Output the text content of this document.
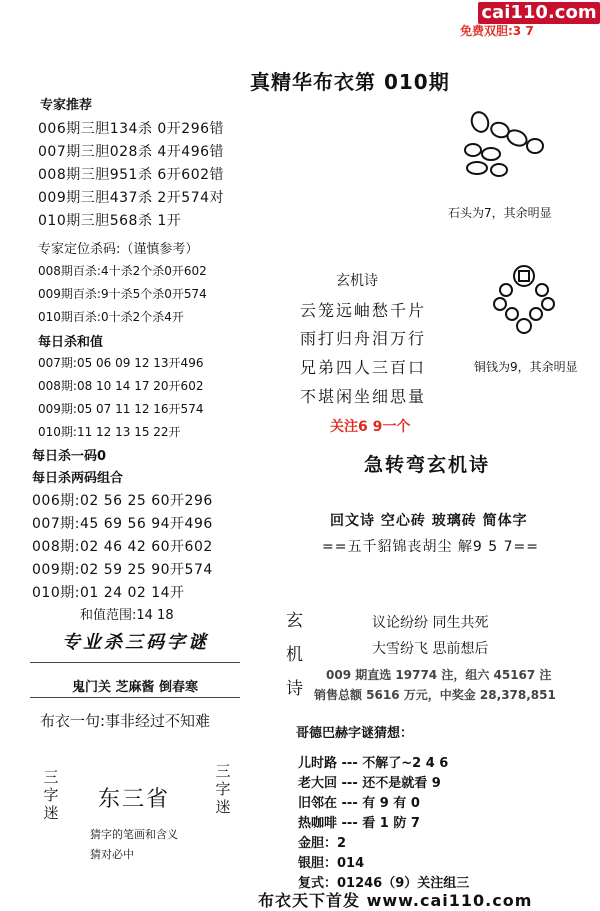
cai110.com
免费双胆:3 7
真精华布衣第 010期
专家推荐
006期三胆134杀 0开296错
007期三胆028杀 4开496错
008期三胆951杀 6开602错
009期三胆437杀 2开574对
010期三胆568杀 1开
专家定位杀码:（谨慎参考）
008期百杀:4十杀2个杀0开602
009期百杀:9十杀5个杀0开574
010期百杀:0十杀2个杀4开
每日杀和值
007期:05 06 09 12 13开496
008期:08 10 14 17 20开602
009期:05 07 11 12 16开574
010期:11 12 13 15 22开
每日杀一码0
每日杀两码组合
006期:02 56 25 60开296
007期:45 69 56 94开496
008期:02 46 42 60开602
009期:02 59 25 90开574
010期:01 24 02 14开
和值范围:14 18
专业杀三码字谜
鬼门关 芝麻酱 倒春寒
布衣一句:事非经过不知难
三字迷
三字迷
东三省
猜字的笔画和含义
猜对必中
石头为7，其余明显
铜钱为9，其余明显
玄机诗
云笼远岫愁千片
雨打归舟泪万行
兄弟四人三百口
不堪闲坐细思量
关注6 9一个
急转弯玄机诗
回文诗 空心砖 玻璃砖 简体字
==五千貂锦丧胡尘 解9 5 7==
玄
机
诗
议论纷纷 同生共死
大雪纷飞 思前想后
009 期直选 19774 注，组六 45167 注
销售总额 5616 万元，中奖金 28,378,851
哥德巴赫字谜猜想：
儿时路 --- 不解了~2 4 6
老大回 --- 还不是就看 9
旧邻在 --- 有 9 有 0
热咖啡 --- 看 1 防 7
金胆：2
银胆：014
复式：01246（9）关注组三
布衣天下首发 www.cai110.com
